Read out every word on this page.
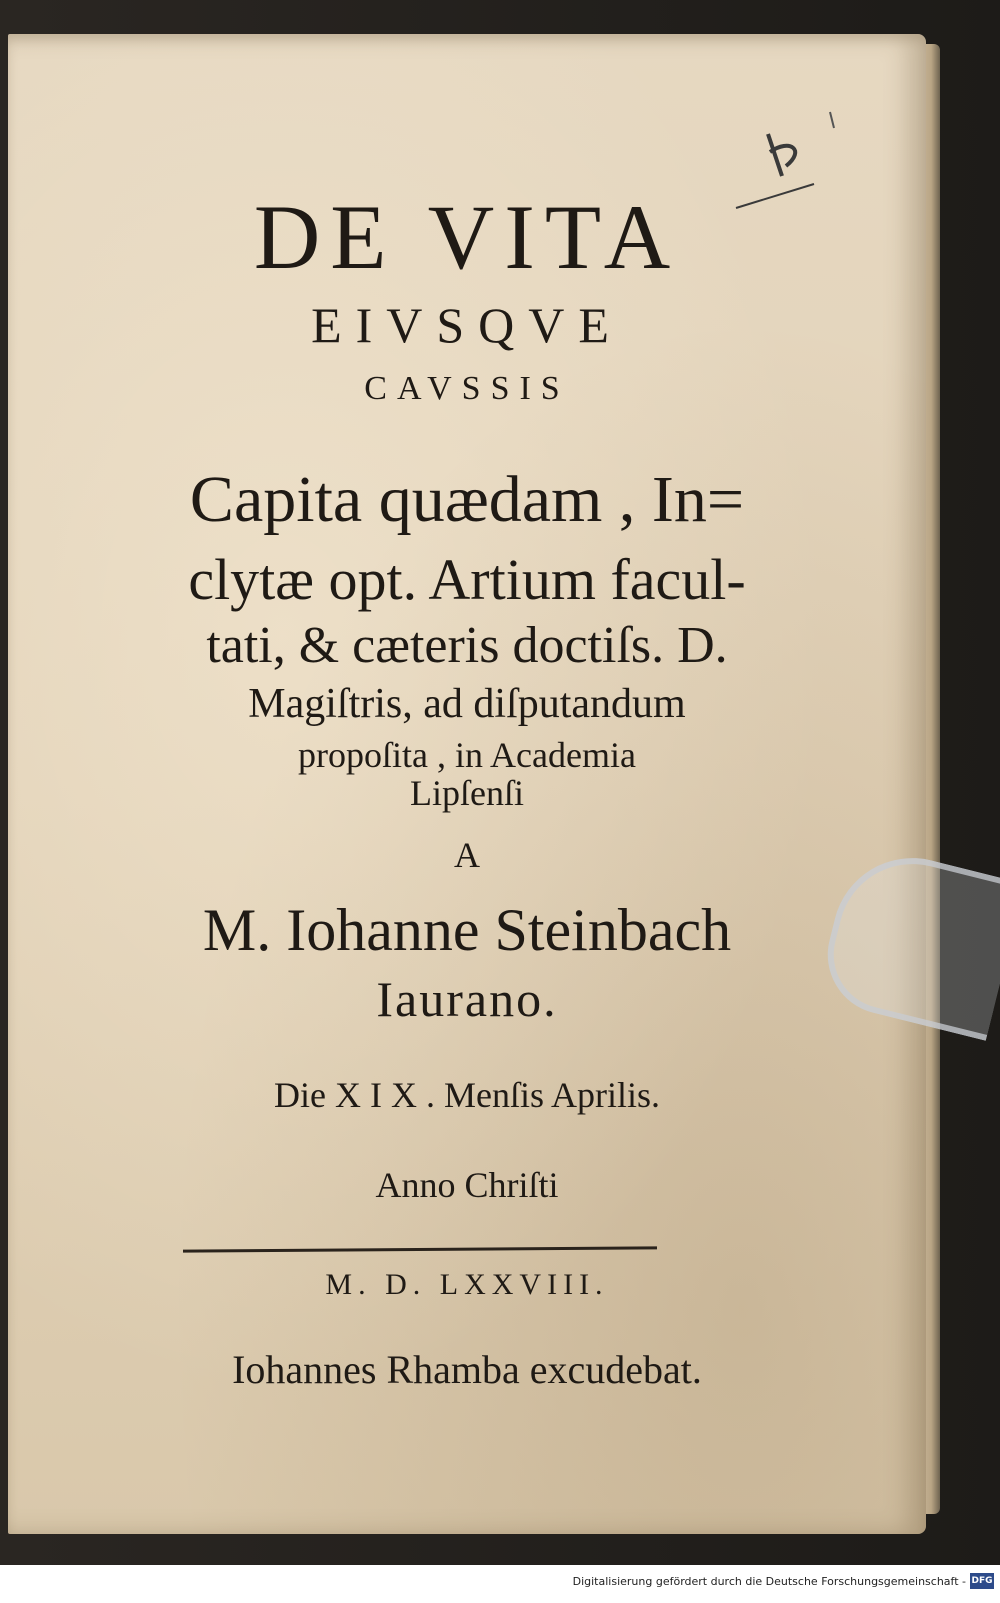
DE VITA
EIVSQVE
CAVSSIS
Capita quædam , In=
clytæ opt. Artium facul-
tati, & cæteris doctiſs. D.
Magiſtris, ad diſputandum
propoſita , in Academia
Lipſenſi
A
M. Iohanne Steinbach
Iaurano.
Die X I X . Menſis Aprilis.
Anno Chriſti
M. D. LXXVIII.
Iohannes Rhamba excudebat.
Digitalisierung gefördert durch die Deutsche Forschungsgemeinschaft - DFG
